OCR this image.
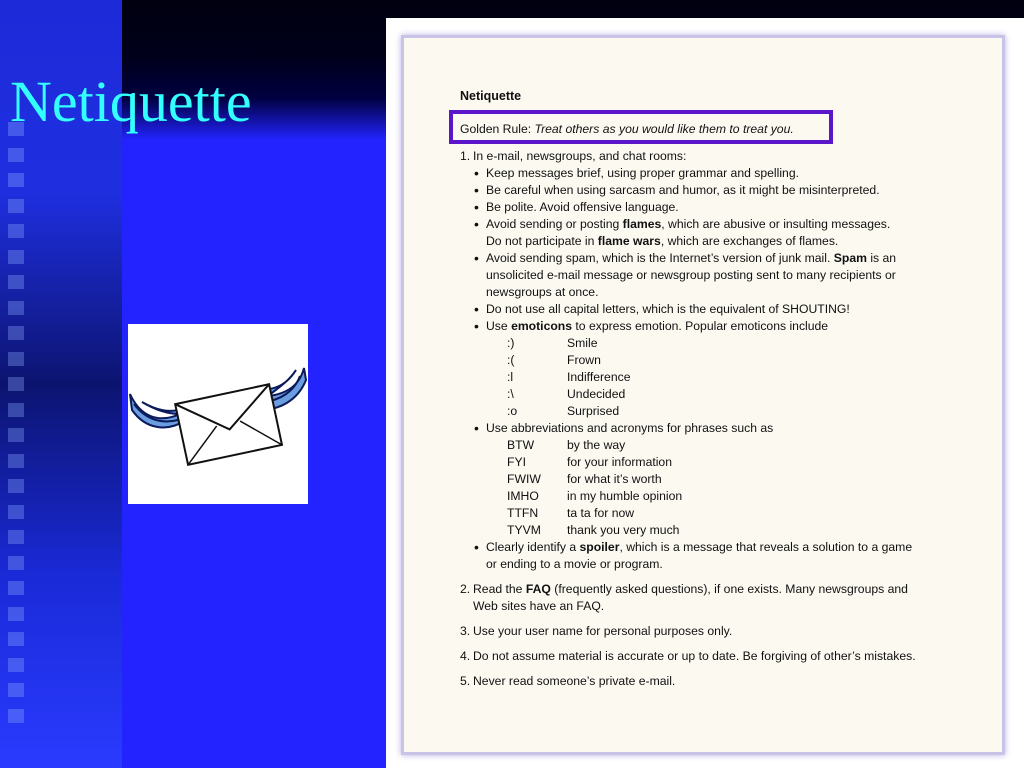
Netiquette	Netiquette

Golden Rule: Treat others as you would like them to treat you.
1. In e-mail, newsgroups, and chat rooms:
• Keep messages brief, using proper grammar and spelling.
• Be careful when using sarcasm and humor, as it might be misinterpreted.
• Be polite. Avoid offensive language.
• Avoid sending or posting flames, which are abusive or insulting messages.
Do not participate in flame wars, which are exchanges of flames.
• Avoid sending spam, which is the Internet’s version of junk mail. Spam is an
unsolicited e-mail message or newsgroup posting sent to many recipients or
newsgroups at once.
• Do not use all capital letters, which is the equivalent of SHOUTING!
• Use emoticons to express emotion. Popular emoticons include
:)	Smile
:(	Frown
:l	Indifference
:\	Undecided
:o	Surprised
• Use abbreviations and acronyms for phrases such as
BTW	by the way
FYI	for your information
FWIW	for what it’s worth
IMHO	in my humble opinion
TTFN	ta ta for now
TYVM	thank you very much
• Clearly identify a spoiler, which is a message that reveals a solution to a game
or ending to a movie or program.
2. Read the FAQ (frequently asked questions), if one exists. Many newsgroups and
Web sites have an FAQ.
3. Use your user name for personal purposes only.
4. Do not assume material is accurate or up to date. Be forgiving of other’s mistakes.
5. Never read someone’s private e-mail.
